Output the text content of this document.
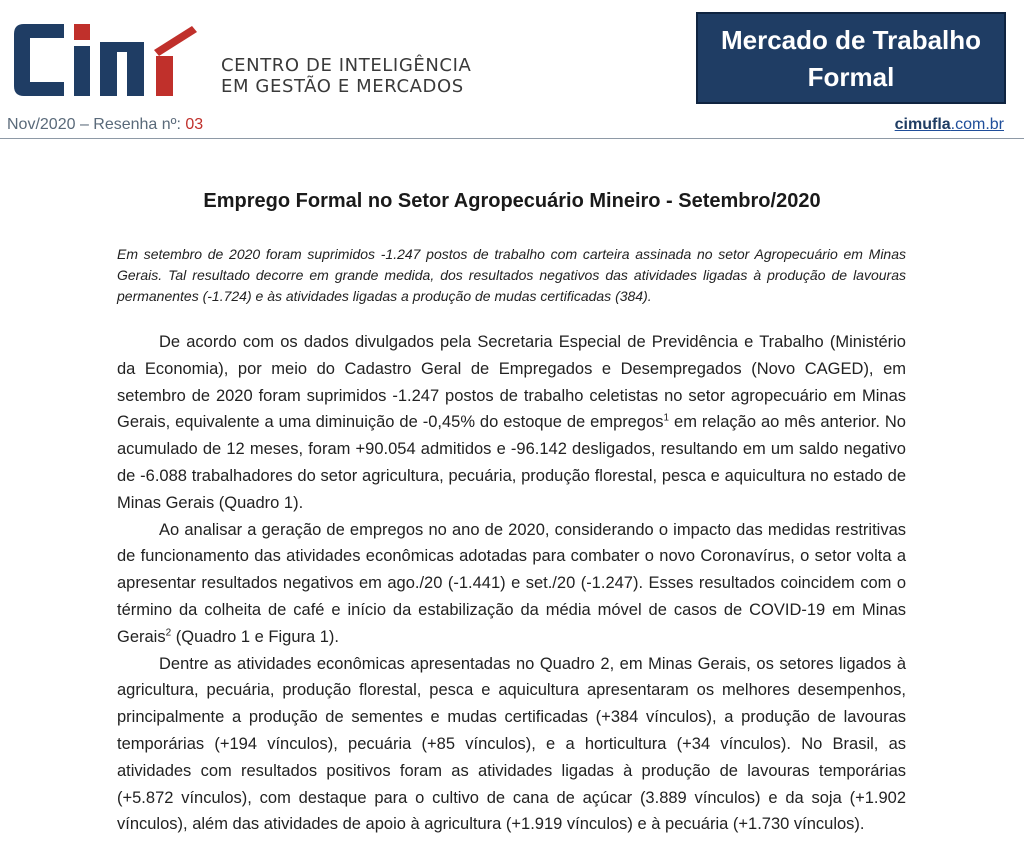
CENTRO DE INTELIGÊNCIA
EM GESTÃO E MERCADOS
Mercado de Trabalho
Formal
Nov/2020 – Resenha nº: 03	cimufla.com.br
Emprego Formal no Setor Agropecuário Mineiro - Setembro/2020
Em setembro de 2020 foram suprimidos -1.247 postos de trabalho com carteira assinada no setor Agropecuário em Minas Gerais. Tal resultado decorre em grande medida, dos resultados negativos das atividades ligadas à produção de lavouras permanentes (-1.724) e às atividades ligadas a produção de mudas certificadas (384).

De acordo com os dados divulgados pela Secretaria Especial de Previdência e Trabalho (Ministério da Economia), por meio do Cadastro Geral de Empregados e Desempregados (Novo CAGED), em setembro de 2020 foram suprimidos -1.247 postos de trabalho celetistas no setor agropecuário em Minas Gerais, equivalente a uma diminuição de -0,45% do estoque de empregos$^1$ em relação ao mês anterior. No acumulado de 12 meses, foram +90.054 admitidos e -96.142 desligados, resultando em um saldo negativo de -6.088 trabalhadores do setor agricultura, pecuária, produção florestal, pesca e aquicultura no estado de Minas Gerais (Quadro 1).

Ao analisar a geração de empregos no ano de 2020, considerando o impacto das medidas restritivas de funcionamento das atividades econômicas adotadas para combater o novo Coronavírus, o setor volta a apresentar resultados negativos em ago./20 (-1.441) e set./20 (-1.247). Esses resultados coincidem com o término da colheita de café e início da estabilização da média móvel de casos de COVID-19 em Minas Gerais$^2$ (Quadro 1 e Figura 1).

Dentre as atividades econômicas apresentadas no Quadro 2, em Minas Gerais, os setores ligados à agricultura, pecuária, produção florestal, pesca e aquicultura apresentaram os melhores desempenhos, principalmente a produção de sementes e mudas certificadas (+384 vínculos), a produção de lavouras temporárias (+194 vínculos), pecuária (+85 vínculos), e a horticultura (+34 vínculos). No Brasil, as atividades com resultados positivos foram as atividades ligadas à produção de lavouras temporárias (+5.872 vínculos), com destaque para o cultivo de cana de açúcar (3.889 vínculos) e da soja (+1.902 vínculos), além das atividades de apoio à agricultura (+1.919 vínculos) e à pecuária (+1.730 vínculos).
